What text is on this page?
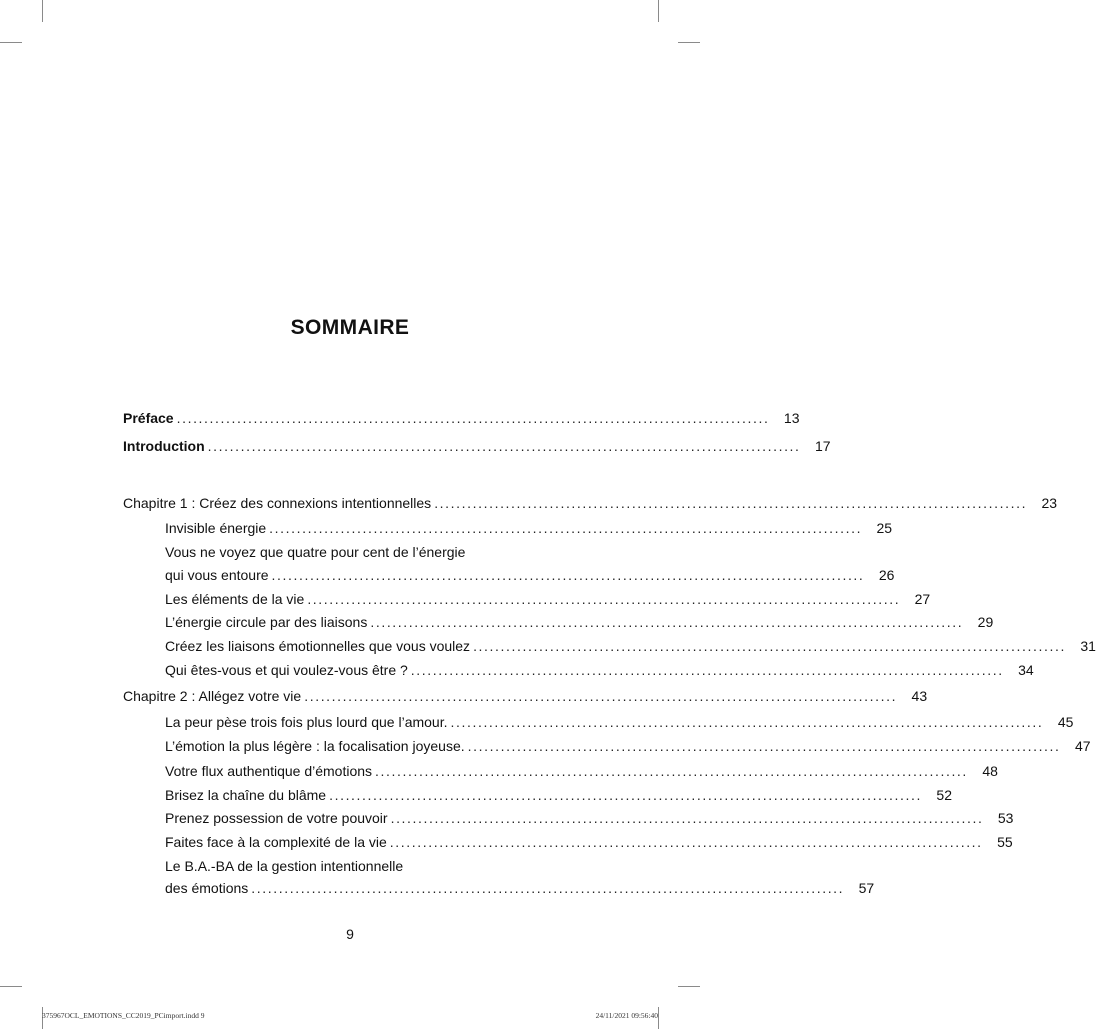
SOMMAIRE
Préface ............................................................................................................	13
Introduction ............................................................................................................	17
Chapitre 1 : Créez des connexions intentionnelles ............................................................................................................	23
Invisible énergie ............................................................................................................	25
Vous ne voyez que quatre pour cent de l’énergie
qui vous entoure ............................................................................................................	26
Les éléments de la vie ............................................................................................................	27
L’énergie circule par des liaisons ............................................................................................................	29
Créez les liaisons émotionnelles que vous voulez ............................................................................................................	31
Qui êtes-vous et qui voulez-vous être ? ............................................................................................................	34
Chapitre 2 : Allégez votre vie ............................................................................................................	43
La peur pèse trois fois plus lourd que l’amour. ............................................................................................................	45
L’émotion la plus légère : la focalisation joyeuse. ............................................................................................................	47
Votre flux authentique d’émotions ............................................................................................................	48
Brisez la chaîne du blâme ............................................................................................................	52
Prenez possession de votre pouvoir ............................................................................................................	53
Faites face à la complexité de la vie ............................................................................................................	55
Le B.A.-BA de la gestion intentionnelle
des émotions ............................................................................................................	57
9
375967OCL_EMOTIONS_CC2019_PCimport.indd 9	24/11/2021 09:56:40
